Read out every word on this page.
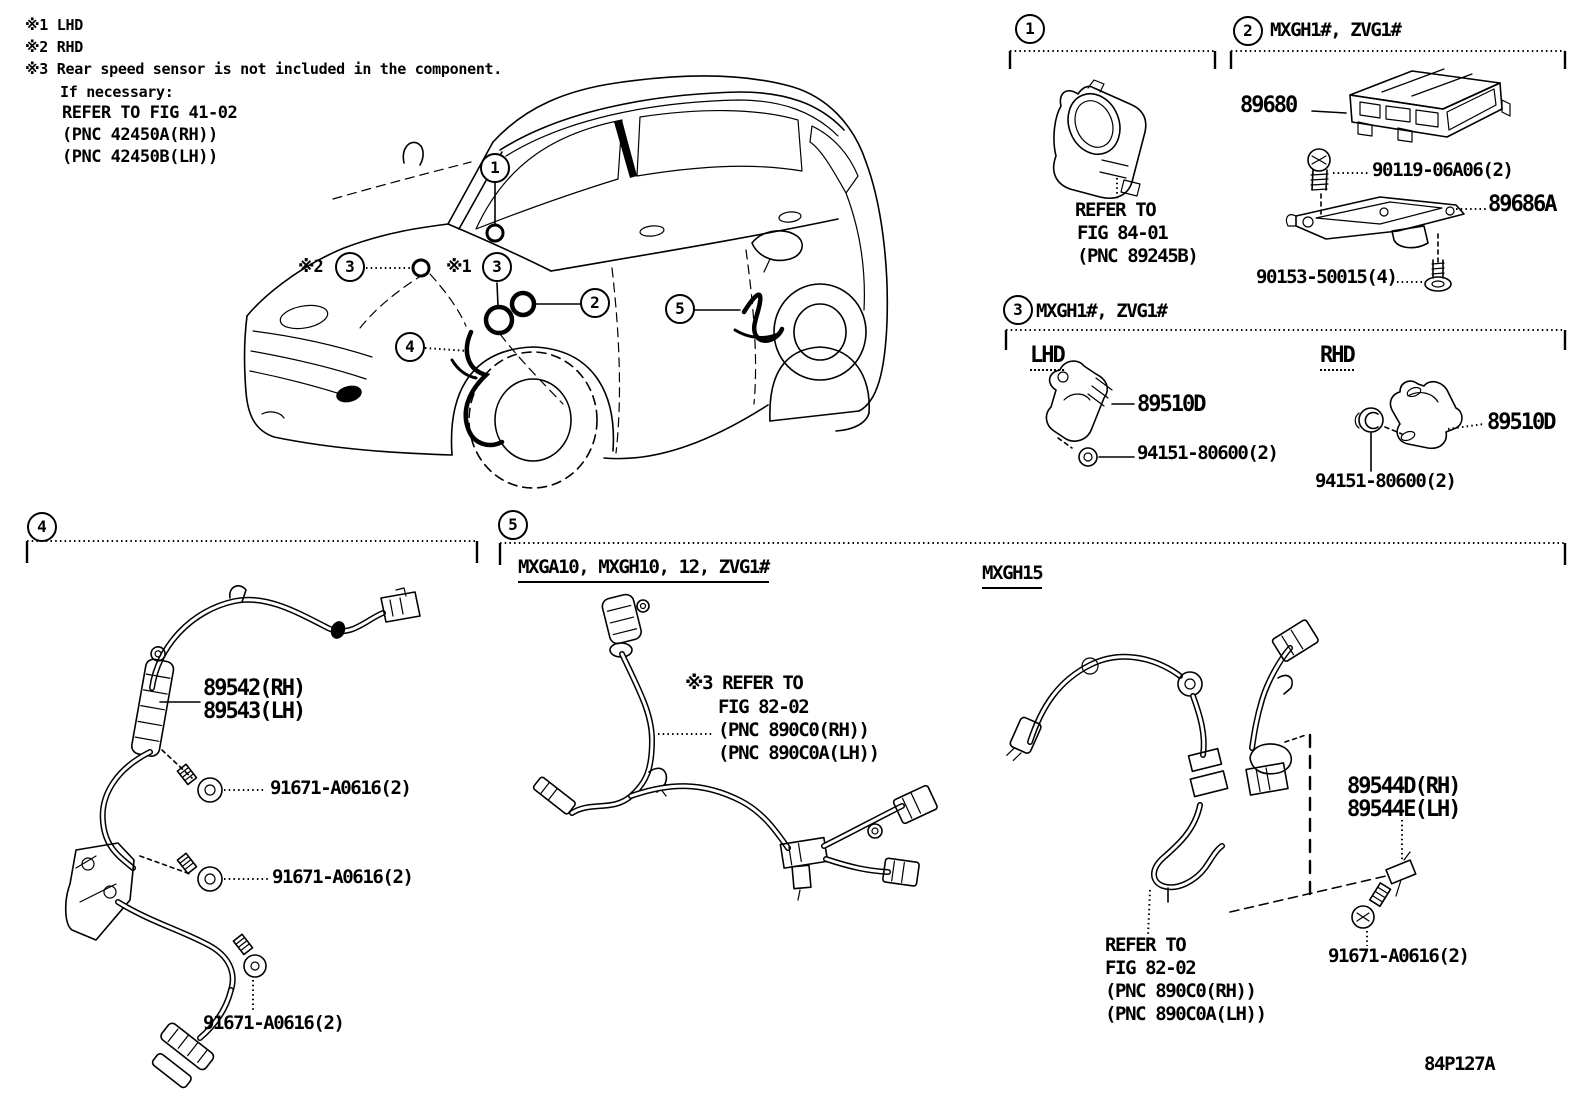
※1 LHD
※2 RHD
※3 Rear speed sensor is not included in the component.
If necessary:
REFER TO FIG 41-02
(PNC 42450A(RH))
(PNC 42450B(LH))
1
※2	3	※1	3
2
4
5
1	2 MXGH1#, ZVG1#
3 MXGH1#, ZVG1#
4	5
REFER TO
FIG 84-01
(PNC 89245B)
89680
90119-06A06(2)
89686A
90153-50015(4)
LHD	RHD
89510D
94151-80600(2)
89510D
94151-80600(2)
89542(RH)
89543(LH)
91671-A0616(2)
91671-A0616(2)
91671-A0616(2)
MXGA10, MXGH10, 12, ZVG1#	MXGH15
※3 REFER TO
FIG 82-02
(PNC 890C0(RH))
(PNC 890C0A(LH))
89544D(RH)
89544E(LH)
91671-A0616(2)
REFER TO
FIG 82-02
(PNC 890C0(RH))
(PNC 890C0A(LH))
84P127A
